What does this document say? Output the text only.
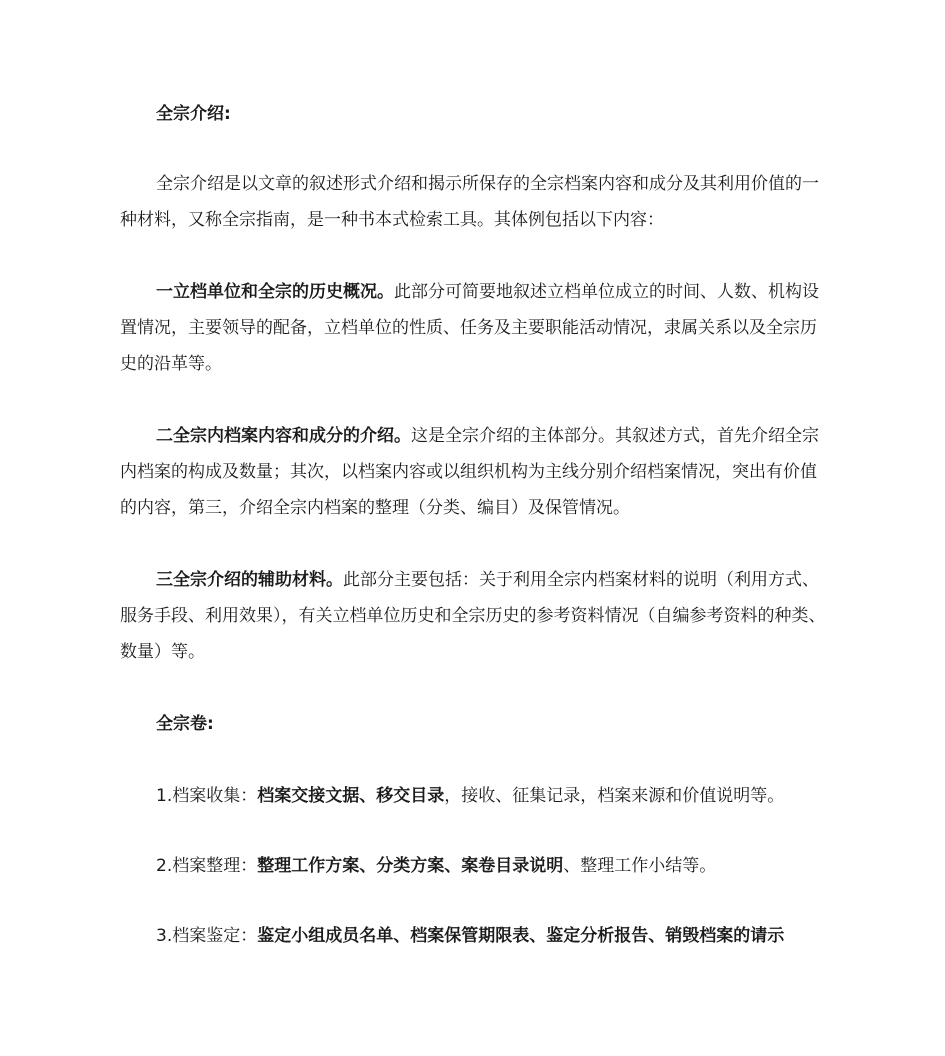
全宗介绍:
全宗介绍是以文章的叙述形式介绍和揭示所保存的全宗档案内容和成分及其利用价值的一种材料，又称全宗指南，是一种书本式检索工具。其体例包括以下内容：
一立档单位和全宗的历史概况。此部分可简要地叙述立档单位成立的时间、人数、机构设置情况，主要领导的配备，立档单位的性质、任务及主要职能活动情况，隶属关系以及全宗历史的沿革等。
二全宗内档案内容和成分的介绍。这是全宗介绍的主体部分。其叙述方式，首先介绍全宗内档案的构成及数量；其次，以档案内容或以组织机构为主线分别介绍档案情况，突出有价值的内容，第三，介绍全宗内档案的整理（分类、编目）及保管情况。
三全宗介绍的辅助材料。此部分主要包括：关于利用全宗内档案材料的说明（利用方式、服务手段、利用效果），有关立档单位历史和全宗历史的参考资料情况（自编参考资料的种类、数量）等。
全宗卷:
1.档案收集：档案交接文据、移交目录，接收、征集记录，档案来源和价值说明等。
2.档案整理：整理工作方案、分类方案、案卷目录说明、整理工作小结等。
3.档案鉴定：鉴定小组成员名单、档案保管期限表、鉴定分析报告、销毁档案的请示
